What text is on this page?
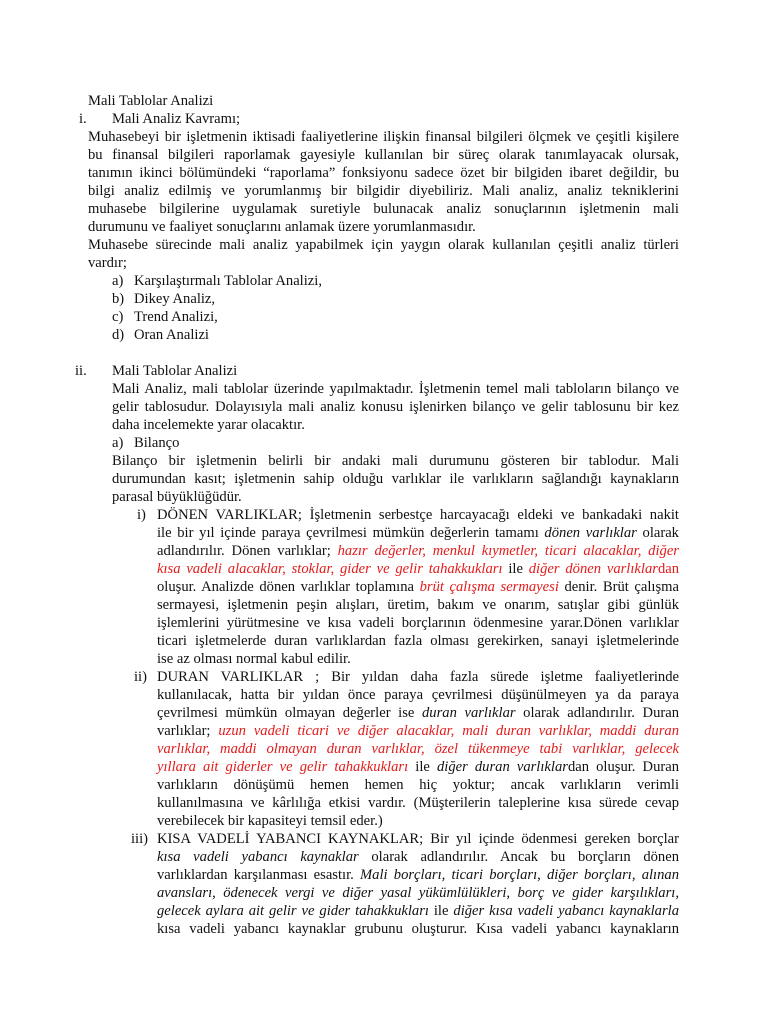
Mali Tablolar Analizi
i. Mali Analiz Kavramı;
Muhasebeyi bir işletmenin iktisadi faaliyetlerine ilişkin finansal bilgileri ölçmek ve çeşitli kişilere
bu finansal bilgileri raporlamak gayesiyle kullanılan bir süreç olarak tanımlayacak olursak,
tanımın ikinci bölümündeki “raporlama” fonksiyonu sadece özet bir bilgiden ibaret değildir, bu
bilgi analiz edilmiş ve yorumlanmış bir bilgidir diyebiliriz. Mali analiz, analiz tekniklerini
muhasebe bilgilerine uygulamak suretiyle bulunacak analiz sonuçlarının işletmenin mali
durumunu ve faaliyet sonuçlarını anlamak üzere yorumlanmasıdır.
Muhasebe sürecinde mali analiz yapabilmek için yaygın olarak kullanılan çeşitli analiz türleri
vardır;
a) Karşılaştırmalı Tablolar Analizi,
b) Dikey Analiz,
c) Trend Analizi,
d) Oran Analizi
ii. Mali Tablolar Analizi
Mali Analiz, mali tablolar üzerinde yapılmaktadır. İşletmenin temel mali tabloların bilanço ve
gelir tablosudur. Dolayısıyla mali analiz konusu işlenirken bilanço ve gelir tablosunu bir kez
daha incelemekte yarar olacaktır.
a) Bilanço
Bilanço bir işletmenin belirli bir andaki mali durumunu gösteren bir tablodur. Mali
durumundan kasıt; işletmenin sahip olduğu varlıklar ile varlıkların sağlandığı kaynakların
parasal büyüklüğüdür.
i) DÖNEN VARLIKLAR; İşletmenin serbestçe harcayacağı eldeki ve bankadaki nakit
ile bir yıl içinde paraya çevrilmesi mümkün değerlerin tamamı dönen varlıklar olarak
adlandırılır. Dönen varlıklar; hazır değerler, menkul kıymetler, ticari alacaklar, diğer
kısa vadeli alacaklar, stoklar, gider ve gelir tahakkukları ile diğer dönen varlıklardan
oluşur. Analizde dönen varlıklar toplamına brüt çalışma sermayesi denir. Brüt çalışma
sermayesi, işletmenin peşin alışları, üretim, bakım ve onarım, satışlar gibi günlük
işlemlerini yürütmesine ve kısa vadeli borçlarının ödenmesine yarar.Dönen varlıklar
ticari işletmelerde duran varlıklardan fazla olması gerekirken, sanayi işletmelerinde
ise az olması normal kabul edilir.
ii) DURAN VARLIKLAR ; Bir yıldan daha fazla sürede işletme faaliyetlerinde
kullanılacak, hatta bir yıldan önce paraya çevrilmesi düşünülmeyen ya da paraya
çevrilmesi mümkün olmayan değerler ise duran varlıklar olarak adlandırılır. Duran
varlıklar; uzun vadeli ticari ve diğer alacaklar, mali duran varlıklar, maddi duran
varlıklar, maddi olmayan duran varlıklar, özel tükenmeye tabi varlıklar, gelecek
yıllara ait giderler ve gelir tahakkukları ile diğer duran varlıklardan oluşur. Duran
varlıkların dönüşümü hemen hemen hiç yoktur; ancak varlıkların verimli
kullanılmasına ve kârlılığa etkisi vardır. (Müşterilerin taleplerine kısa sürede cevap
verebilecek bir kapasiteyi temsil eder.)
iii) KISA VADELİ YABANCI KAYNAKLAR; Bir yıl içinde ödenmesi gereken borçlar
kısa vadeli yabancı kaynaklar olarak adlandırılır. Ancak bu borçların dönen
varlıklardan karşılanması esastır. Mali borçları, ticari borçları, diğer borçları, alınan
avansları, ödenecek vergi ve diğer yasal yükümlülükleri, borç ve gider karşılıkları,
gelecek aylara ait gelir ve gider tahakkukları ile diğer kısa vadeli yabancı kaynaklarla
kısa vadeli yabancı kaynaklar grubunu oluşturur. Kısa vadeli yabancı kaynakların
